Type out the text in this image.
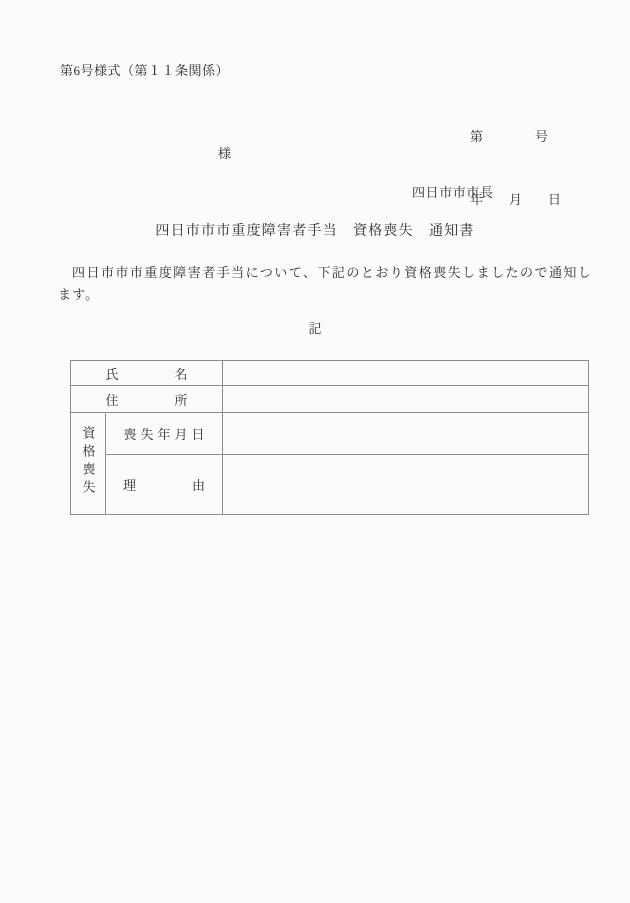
第6号様式（第１１条関係）

第　　　　号

年　　月　　日

様
四日市市市長
四日市市市重度障害者手当　資格喪失　通知書
四日市市市重度障害者手当について、下記のとおり資格喪失しましたので通知します。
記
氏名		
住所		
資格喪失	喪失年月日	
	理由	
